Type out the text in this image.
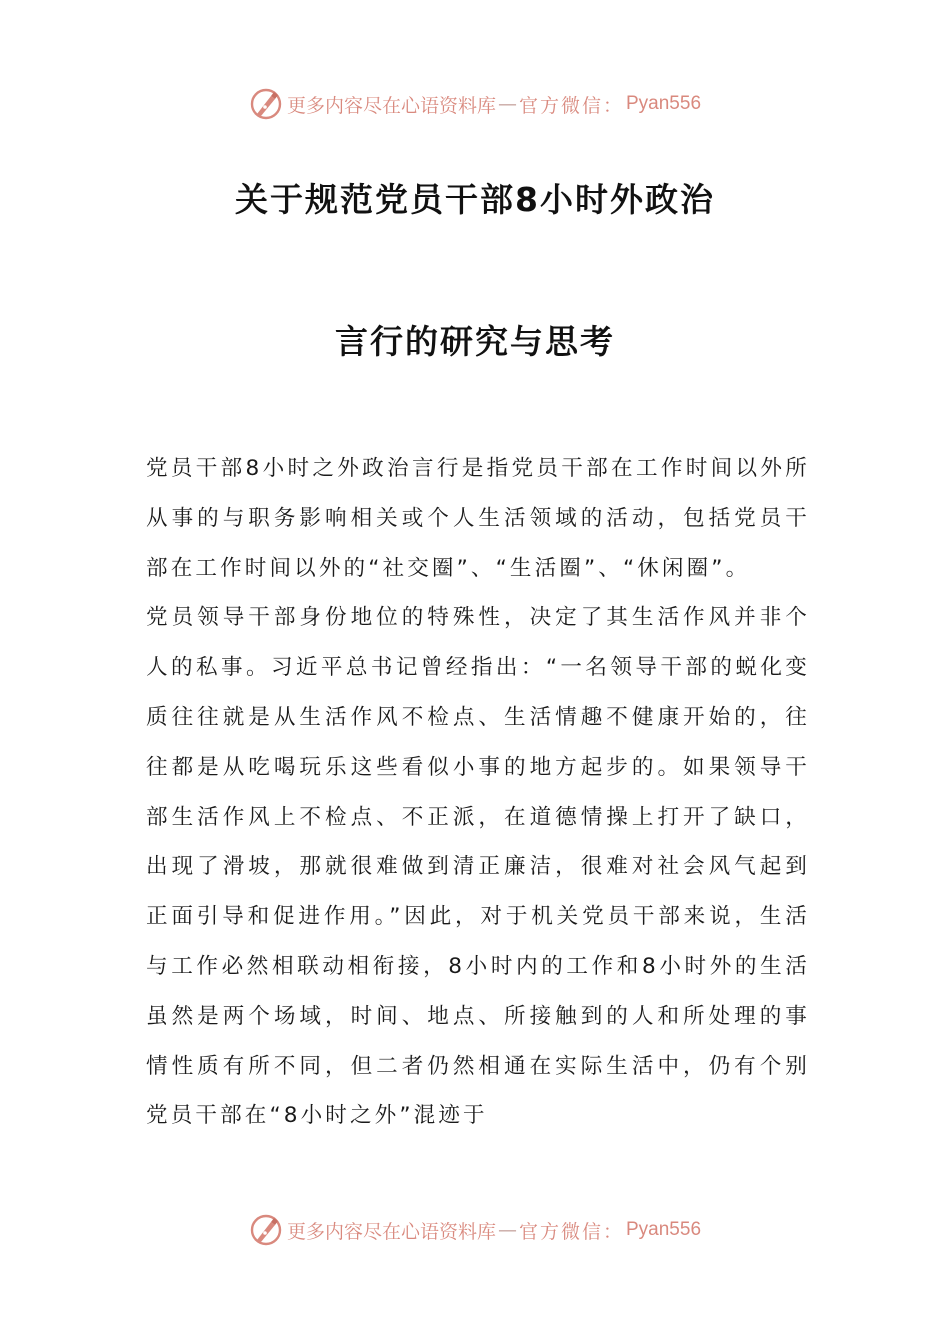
更多内容尽在心语资料库 — 官方微信： Pyan556
关于规范党员干部8小时外政治
言行的研究与思考

党员干部8小时之外政治言行是指党员干部在工作时间以外所从事的与职务影响相关或个人生活领域的活动，包括党员干部在工作时间以外的“社交圈”、“生活圈”、“休闲圈”。

党员领导干部身份地位的特殊性，决定了其生活作风并非个人的私事。习近平总书记曾经指出：“一名领导干部的蜕化变质往往就是从生活作风不检点、生活情趣不健康开始的，往往都是从吃喝玩乐这些看似小事的地方起步的。如果领导干部生活作风上不检点、不正派，在道德情操上打开了缺口，出现了滑坡，那就很难做到清正廉洁，很难对社会风气起到正面引导和促进作用。”因此，对于机关党员干部来说，生活与工作必然相联动相衔接，8小时内的工作和8小时外的生活虽然是两个场域，时间、地点、所接触到的人和所处理的事情性质有所不同，但二者仍然相通在实际生活中，仍有个别党员干部在“8小时之外”混迹于

更多内容尽在心语资料库 — 官方微信： Pyan556
